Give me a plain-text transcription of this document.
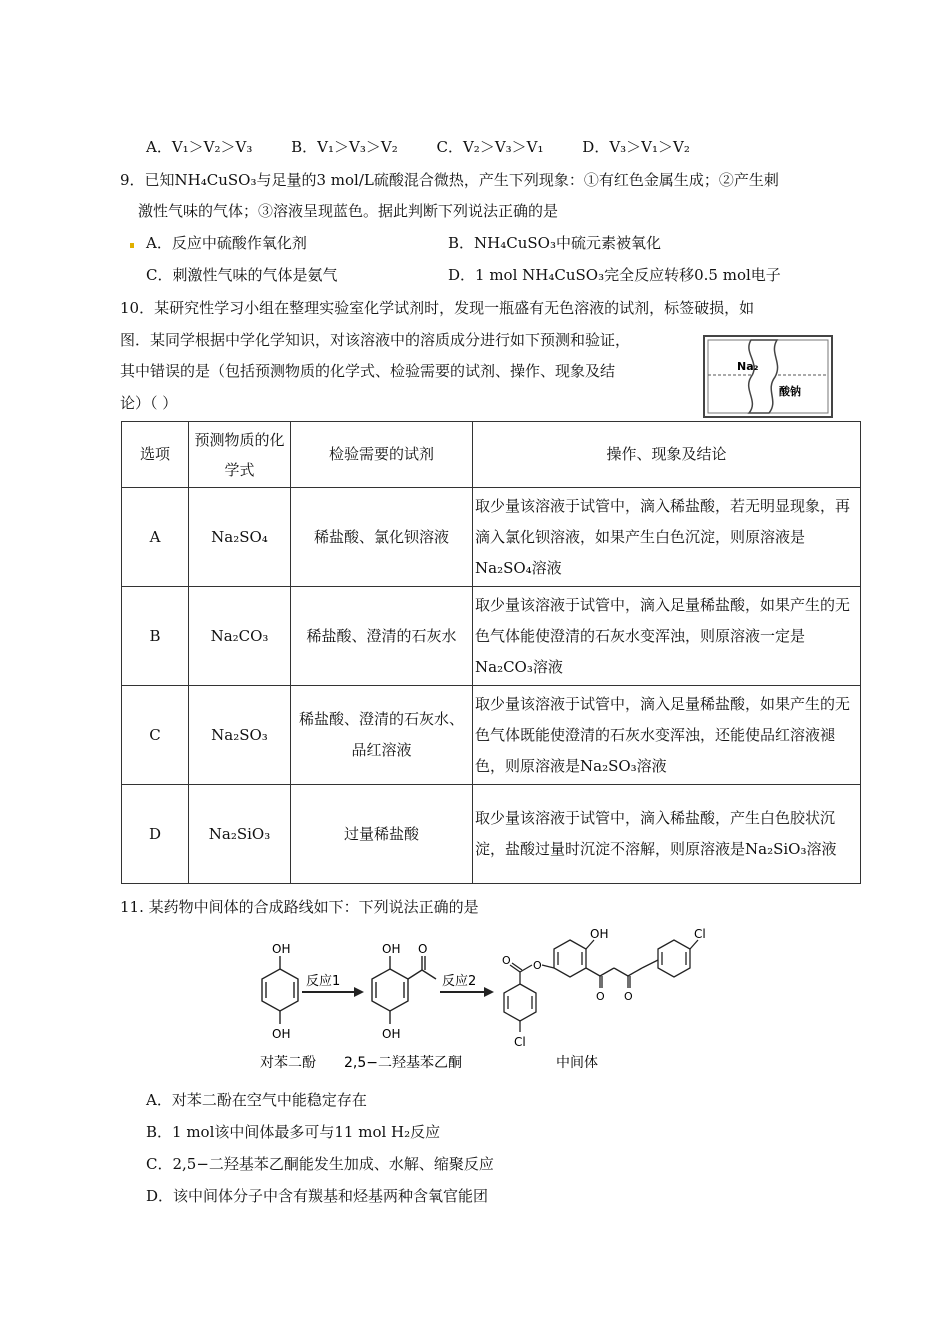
A．V₁＞V₂＞V₃	B．V₁＞V₃＞V₂	C．V₂＞V₃＞V₁	D．V₃＞V₁＞V₂
9．已知NH₄CuSO₃与足量的3 mol/L硫酸混合微热，产生下列现象：①有红色金属生成；②产生刺
激性气味的气体；③溶液呈现蓝色。据此判断下列说法正确的是
A．反应中硫酸作氧化剂	B．NH₄CuSO₃中硫元素被氧化
C．刺激性气味的气体是氨气	D．1 mol NH₄CuSO₃完全反应转移0.5 mol电子
10．某研究性学习小组在整理实验室化学试剂时，发现一瓶盛有无色溶液的试剂，标签破损，如
图．某同学根据中学化学知识，对该溶液中的溶质成分进行如下预测和验证，
其中错误的是（包括预测物质的化学式、检验需要的试剂、操作、现象及结
论）（ ）
Na₂
酸钠
选项	预测物质的化学式	检验需要的试剂	操作、现象及结论
A	Na₂SO₄	稀盐酸、氯化钡溶液	取少量该溶液于试管中，滴入稀盐酸，若无明显现象，再滴入氯化钡溶液，如果产生白色沉淀，则原溶液是Na₂SO₄溶液
B	Na₂CO₃	稀盐酸、澄清的石灰水	取少量该溶液于试管中，滴入足量稀盐酸，如果产生的无色气体能使澄清的石灰水变浑浊，则原溶液一定是Na₂CO₃溶液
C	Na₂SO₃	稀盐酸、澄清的石灰水、品红溶液	取少量该溶液于试管中，滴入足量稀盐酸，如果产生的无色气体既能使澄清的石灰水变浑浊，还能使品红溶液褪色，则原溶液是Na₂SO₃溶液
D	Na₂SiO₃	过量稀盐酸	取少量该溶液于试管中，滴入稀盐酸，产生白色胶状沉淀，盐酸过量时沉淀不溶解，则原溶液是Na₂SiO₃溶液
11. 某药物中间体的合成路线如下：下列说法正确的是
OH
OH
反应1
OH O
OH
反应2
O
O
Cl
OH
O O
Cl
对苯二酚 2,5−二羟基苯乙酮	中间体
A．对苯二酚在空气中能稳定存在
B．1 mol该中间体最多可与11 mol H₂反应
C．2,5−二羟基苯乙酮能发生加成、水解、缩聚反应
D．该中间体分子中含有羰基和烃基两种含氧官能团
